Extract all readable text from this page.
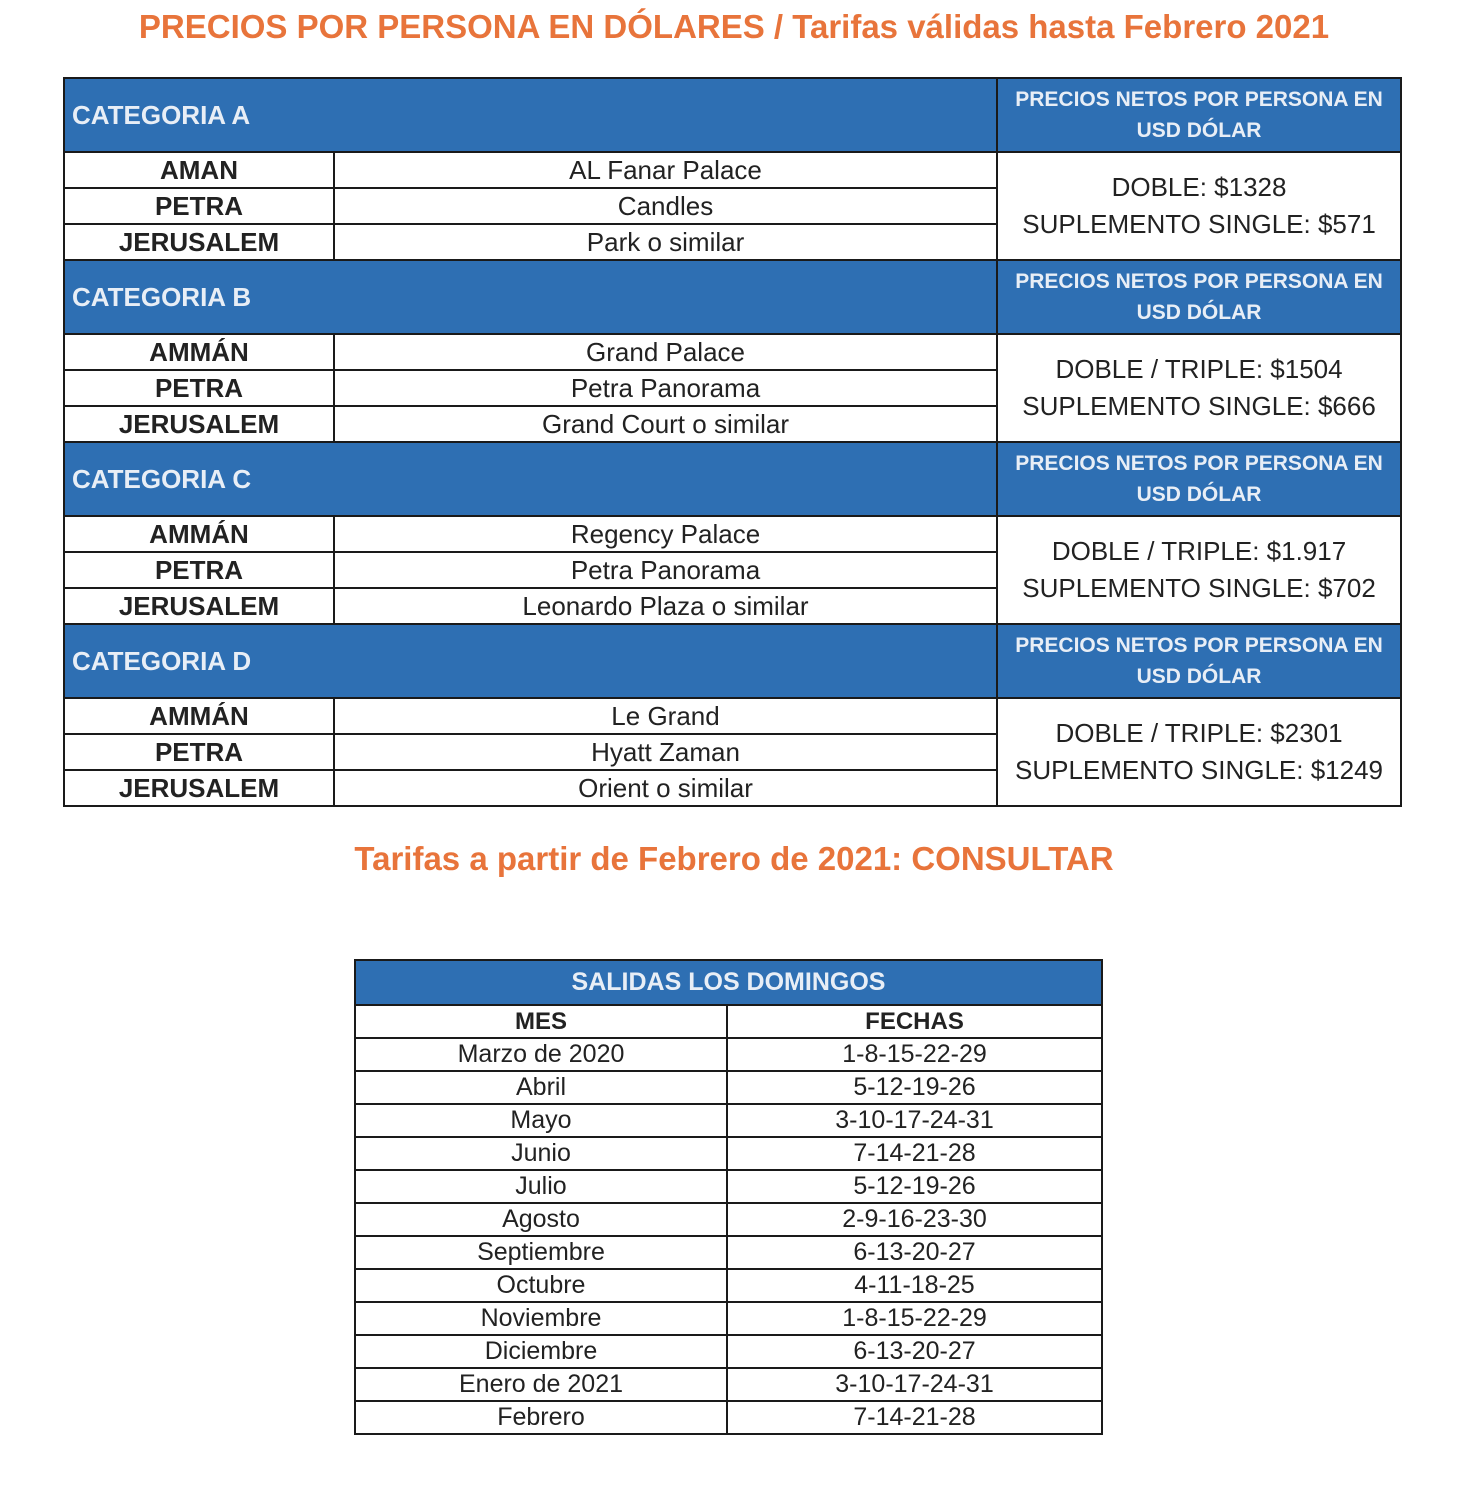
PRECIOS POR PERSONA EN DÓLARES / Tarifas válidas hasta Febrero 2021
CATEGORIA A		PRECIOS NETOS POR PERSONA EN
USD DÓLAR

AMAN	AL Fanar Palace	DOBLE: $1328
SUPLEMENTO SINGLE: $571

PETRA	Candles	
JERUSALEM	Park o similar	
CATEGORIA B		PRECIOS NETOS POR PERSONA EN
USD DÓLAR

AMMÁN	Grand Palace	DOBLE / TRIPLE: $1504
SUPLEMENTO SINGLE: $666

PETRA	Petra Panorama	
JERUSALEM	Grand Court o similar	
CATEGORIA C		PRECIOS NETOS POR PERSONA EN
USD DÓLAR

AMMÁN	Regency Palace	DOBLE / TRIPLE: $1.917
SUPLEMENTO SINGLE: $702

PETRA	Petra Panorama	
JERUSALEM	Leonardo Plaza o similar	
CATEGORIA D		PRECIOS NETOS POR PERSONA EN
USD DÓLAR

AMMÁN	Le Grand	DOBLE / TRIPLE: $2301
SUPLEMENTO SINGLE: $1249

PETRA	Hyatt Zaman	
JERUSALEM	Orient o similar	
Tarifas a partir de Febrero de 2021: CONSULTAR
SALIDAS LOS DOMINGOS	
MES	FECHAS
Marzo de 2020	1-8-15-22-29
Abril	5-12-19-26
Mayo	3-10-17-24-31
Junio	7-14-21-28
Julio	5-12-19-26
Agosto	2-9-16-23-30
Septiembre	6-13-20-27
Octubre	4-11-18-25
Noviembre	1-8-15-22-29
Diciembre	6-13-20-27
Enero de 2021	3-10-17-24-31
Febrero	7-14-21-28
